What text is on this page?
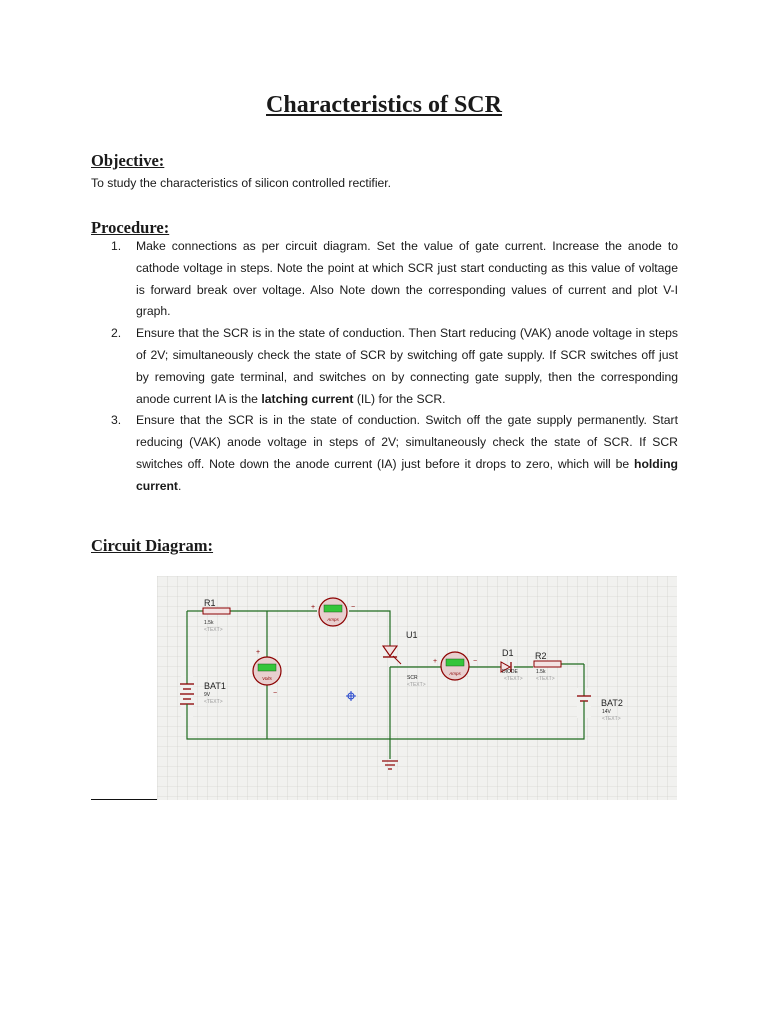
Characteristics of SCR
Objective:
To study the characteristics of silicon controlled rectifier.
Procedure:
1. Make connections as per circuit diagram. Set the value of gate current. Increase the anode to cathode voltage in steps. Note the point at which SCR just start conducting as this value of voltage is forward break over voltage. Also Note down the corresponding values of current and plot V-I graph.
2. Ensure that the SCR is in the state of conduction. Then Start reducing (VAK) anode voltage in steps of 2V; simultaneously check the state of SCR by switching off gate supply. If SCR switches off just by removing gate terminal, and switches on by connecting gate supply, then the corresponding anode current IA is the latching current (IL) for the SCR.
3. Ensure that the SCR is in the state of conduction. Switch off the gate supply permanently. Start reducing (VAK) anode voltage in steps of 2V; simultaneously check the state of SCR. If SCR switches off. Note down the anode current (IA) just before it drops to zero, which will be holding current.
Circuit Diagram:
R1
1.5k
<TEXT>
BAT1
9V
<TEXT>
Volts
+
−
Amps
+	−
U1
SCR
<TEXT>
Amps
+	−
D1
DIODE
<TEXT>
R2
1.5k
<TEXT>
BAT2
14V
<TEXT>
